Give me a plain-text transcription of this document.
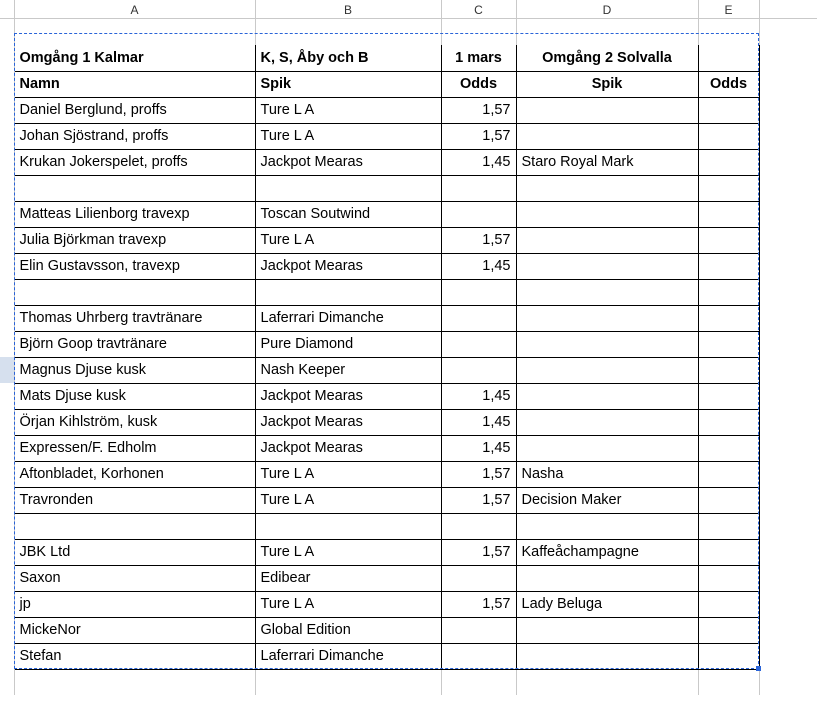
	A	B	C	D	E	

	Omgång 1 Kalmar	K, S, Åby och B	1 mars	Omgång 2 Solvalla		
	Namn	Spik	Odds	Spik	Odds	
	Daniel Berglund, proffs	Ture L A	1,57			
	Johan Sjöstrand, proffs	Ture L A	1,57			
	Krukan Jokerspelet, proffs	Jackpot Mearas	1,45	Staro Royal Mark		

	Matteas Lilienborg travexp	Toscan Soutwind				
	Julia Björkman travexp	Ture L A	1,57			
	Elin Gustavsson, travexp	Jackpot Mearas	1,45			

	Thomas Uhrberg travtränare	Laferrari Dimanche				
	Björn Goop travtränare	Pure Diamond				
	Magnus Djuse kusk	Nash Keeper				
	Mats Djuse kusk	Jackpot Mearas	1,45			
	Örjan Kihlström, kusk	Jackpot Mearas	1,45			
	Expressen/F. Edholm	Jackpot Mearas	1,45			
	Aftonbladet, Korhonen	Ture L A	1,57	Nasha		
	Travronden	Ture L A	1,57	Decision Maker		

	JBK Ltd	Ture L A	1,57	Kaffeåchampagne		
	Saxon	Edibear				
	jp	Ture L A	1,57	Lady Beluga		
	MickeNor	Global Edition				
	Stefan	Laferrari Dimanche				
